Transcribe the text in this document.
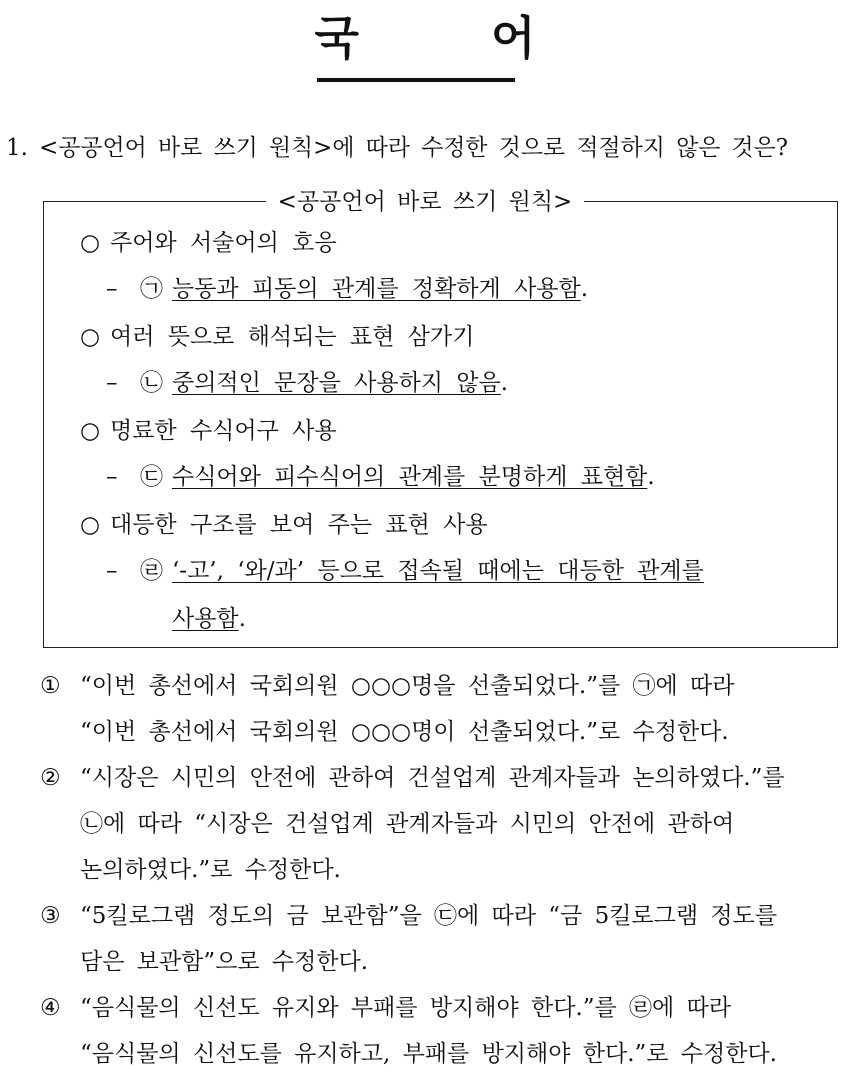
국 어
1. <공공언어 바로 쓰기 원칙>에 따라 수정한 것으로 적절하지 않은 것은?
<공공언어 바로 쓰기 원칙>
○ 주어와 서술어의 호응
– ㉠ 능동과 피동의 관계를 정확하게 사용함.
○ 여러 뜻으로 해석되는 표현 삼가기
– ㉡ 중의적인 문장을 사용하지 않음.
○ 명료한 수식어구 사용
– ㉢ 수식어와 피수식어의 관계를 분명하게 표현함.
○ 대등한 구조를 보여 주는 표현 사용
– ㉣ ‘-고’, ‘와/과’ 등으로 접속될 때에는 대등한 관계를
사용함.
① “이번 총선에서 국회의원 ○○○명을 선출되었다.”를 ㉠에 따라
“이번 총선에서 국회의원 ○○○명이 선출되었다.”로 수정한다.
② “시장은 시민의 안전에 관하여 건설업계 관계자들과 논의하였다.”를
㉡에 따라 “시장은 건설업계 관계자들과 시민의 안전에 관하여
논의하였다.”로 수정한다.
③ “5킬로그램 정도의 금 보관함”을 ㉢에 따라 “금 5킬로그램 정도를
담은 보관함”으로 수정한다.
④ “음식물의 신선도 유지와 부패를 방지해야 한다.”를 ㉣에 따라
“음식물의 신선도를 유지하고, 부패를 방지해야 한다.”로 수정한다.
